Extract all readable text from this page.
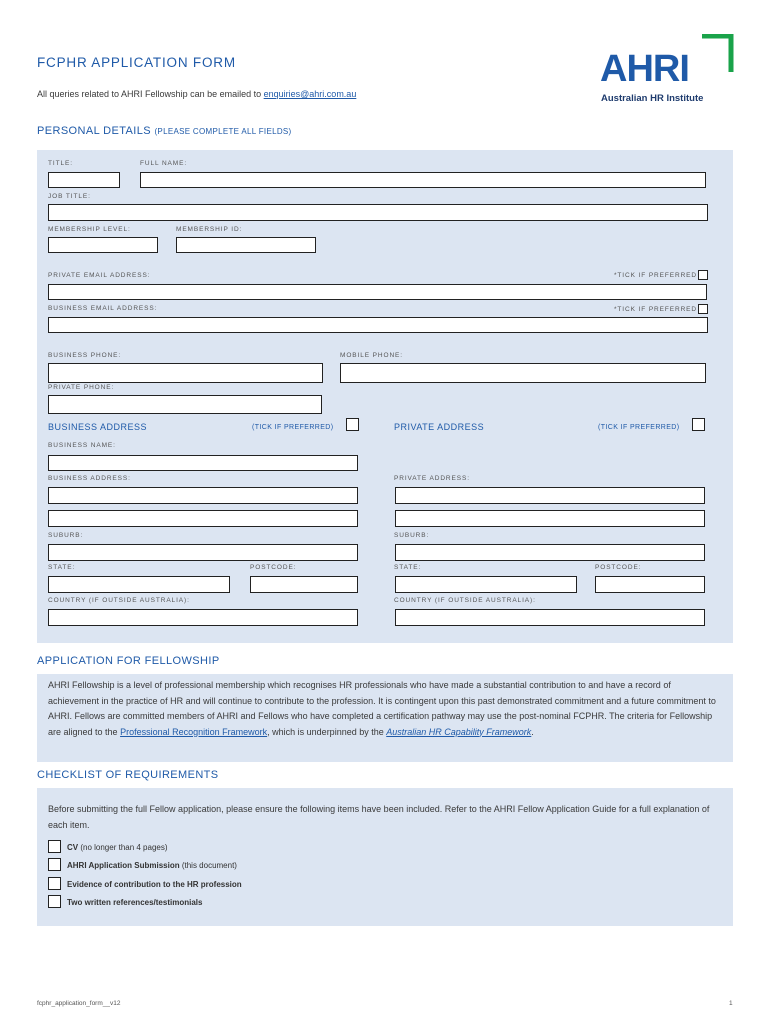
FCPHR APPLICATION FORM
All queries related to AHRI Fellowship can be emailed to enquiries@ahri.com.au
AHRI
Australian HR Institute
PERSONAL DETAILS (PLEASE COMPLETE ALL FIELDS)
TITLE:	FULL NAME:
JOB TITLE:
MEMBERSHIP LEVEL:	MEMBERSHIP ID:
PRIVATE EMAIL ADDRESS:	*TICK IF PREFERRED
BUSINESS EMAIL ADDRESS:	*TICK IF PREFERRED
BUSINESS PHONE:	MOBILE PHONE:
PRIVATE PHONE:
BUSINESS ADDRESS	(TICK IF PREFERRED)	PRIVATE ADDRESS	(TICK IF PREFERRED)
BUSINESS NAME:
BUSINESS ADDRESS:	PRIVATE ADDRESS:
SUBURB:	SUBURB:
STATE:	POSTCODE:	STATE:	POSTCODE:
COUNTRY (IF OUTSIDE AUSTRALIA):	COUNTRY (IF OUTSIDE AUSTRALIA):
APPLICATION FOR FELLOWSHIP
AHRI Fellowship is a level of professional membership which recognises HR professionals who have made a substantial contribution to and have a record of achievement in the practice of HR and will continue to contribute to the profession. It is contingent upon this past demonstrated commitment and a future commitment to AHRI. Fellows are committed members of AHRI and Fellows who have completed a certification pathway may use the post-nominal FCPHR. The criteria for Fellowship are aligned to the Professional Recognition Framework, which is underpinned by the Australian HR Capability Framework.
CHECKLIST OF REQUIREMENTS
Before submitting the full Fellow application, please ensure the following items have been included. Refer to the AHRI Fellow Application Guide for a full explanation of each item.
CV (no longer than 4 pages)
AHRI Application Submission (this document)
Evidence of contribution to the HR profession
Two written references/testimonials
fcphr_application_form__v12	1
